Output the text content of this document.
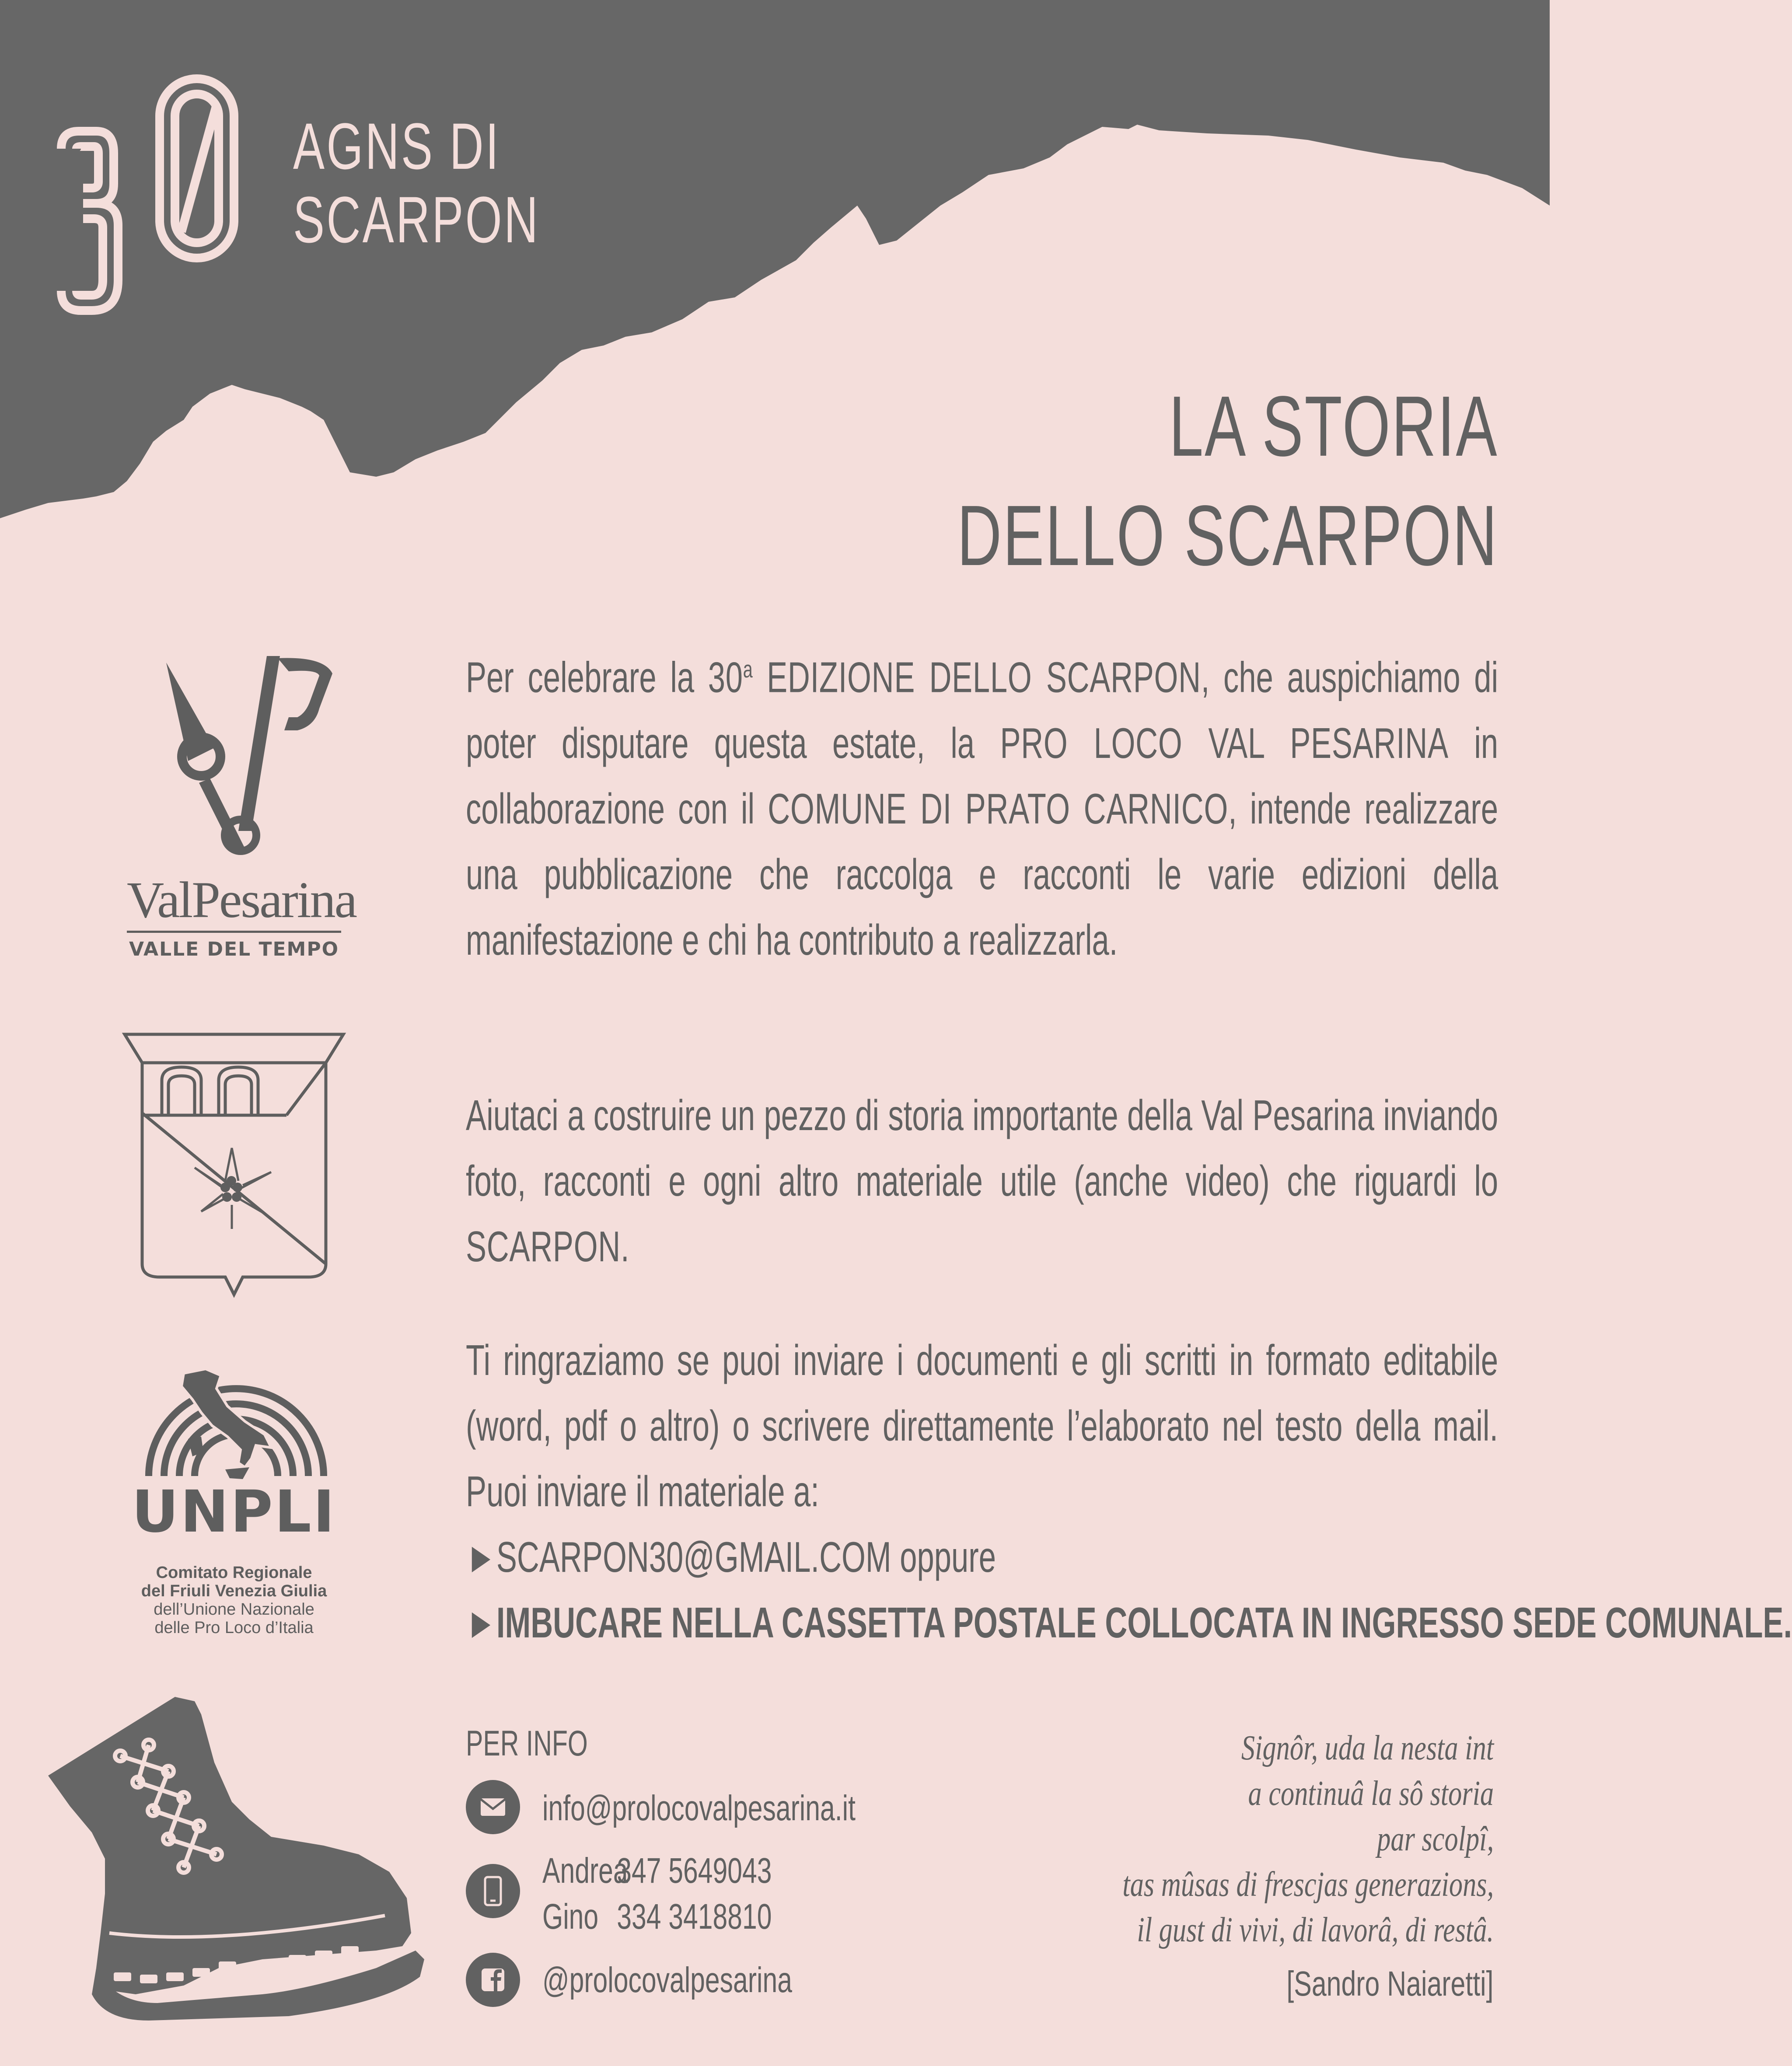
AGNS DI
SCARPON
LA STORIA
DELLO SCARPON
Per celebrare la 30$^a$ EDIZIONE DELLO SCARPON, che auspichiamo di poter disputare questa estate, la PRO LOCO VAL PESARINA in collaborazione con il COMUNE DI PRATO CARNICO, intende realizzare una pubblicazione che raccolga e racconti le varie edizioni della manifestazione e chi ha contributo a realizzarla.
Aiutaci a costruire un pezzo di storia importante della Val Pesarina inviando foto, racconti e ogni altro materiale utile (anche video) che riguardi lo SCARPON.
Ti ringraziamo se puoi inviare i documenti e gli scritti in formato editabile (word, pdf o altro) o scrivere direttamente l’elaborato nel testo della mail. Puoi inviare il materiale a:
►SCARPON30@GMAIL.COM oppure
►IMBUCARE NELLA CASSETTA POSTALE COLLOCATA IN INGRESSO SEDE COMUNALE.
PER INFO
info@prolocovalpesarina.it
Andrea
347 5649043
Gino 334 3418810
@prolocovalpesarina
Signôr, uda la nesta int
a continuâ la sô storia
par scolpî,
tas mûsas di frescjas generazions,
il gust di vivi, di lavorâ, di restâ.
[Sandro Naiaretti]
ValPesarina
VALLE DEL TEMPO
UNPLI
Comitato Regionale
del Friuli Venezia Giulia
dell’Unione Nazionale
delle Pro Loco d’Italia
